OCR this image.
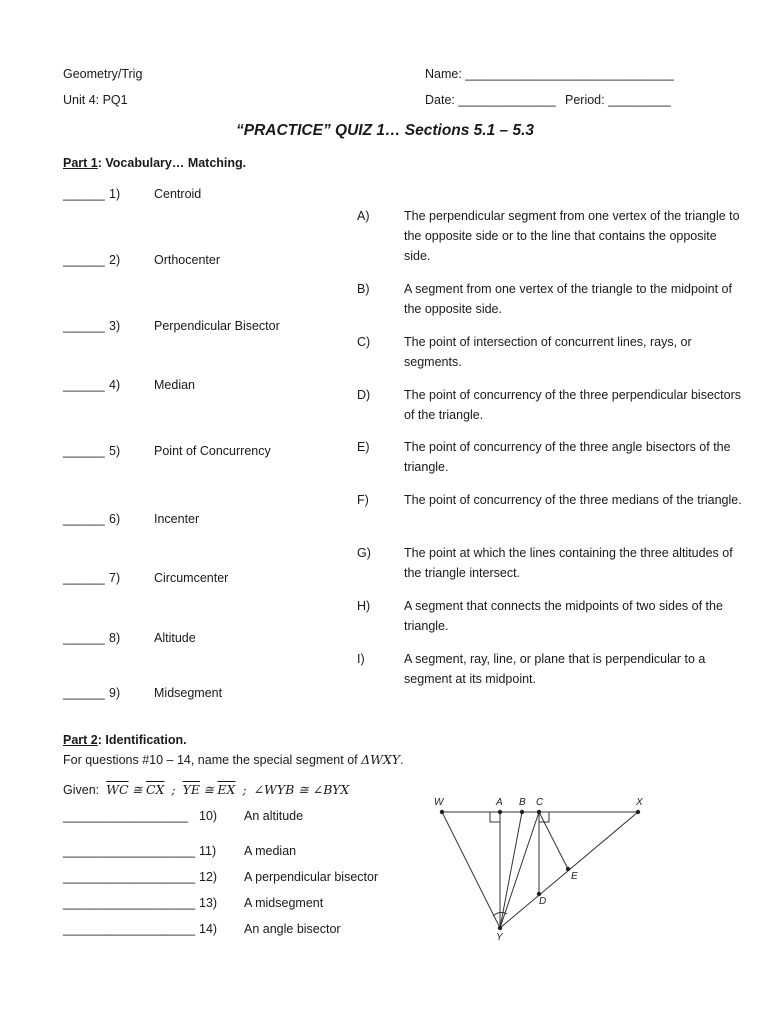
Geometry/Trig
Unit 4: PQ1
Name: ______________________________
Date: ______________ Period: _________
“PRACTICE” QUIZ 1… Sections 5.1 – 5.3
Part 1: Vocabulary… Matching.
______ 1)	Centroid
______ 2)	Orthocenter
______ 3)	Perpendicular Bisector
______ 4)	Median
______ 5)	Point of Concurrency
______ 6)	Incenter
______ 7)	Circumcenter
______ 8)	Altitude
______ 9)	Midsegment
A)	The perpendicular segment from one vertex of the triangle to the opposite side or to the line that contains the opposite side.
B)	A segment from one vertex of the triangle to the midpoint of the opposite side.
C)	The point of intersection of concurrent lines, rays, or segments.
D)	The point of concurrency of the three perpendicular bisectors of the triangle.
E)	The point of concurrency of the three angle bisectors of the triangle.
F)	The point of concurrency of the three medians of the triangle.
G)	The point at which the lines containing the three altitudes of the triangle intersect.
H)	A segment that connects the midpoints of two sides of the triangle.
I)	A segment, ray, line, or plane that is perpendicular to a segment at its midpoint.
Part 2: Identification.
For questions #10 – 14, name the special segment of ΔWXY.
Given: $\overline{WC}$ ≅ $\overline{CX}$ ; $\overline{YE}$ ≅ $\overline{EX}$ ; ∠WYB ≅ ∠BYX
__________________ 10) An altitude
___________________ 11) A median
___________________ 12) A perpendicular bisector
___________________ 13) A midsegment
___________________ 14) An angle bisector
W	A B C	X
E
D
Y
